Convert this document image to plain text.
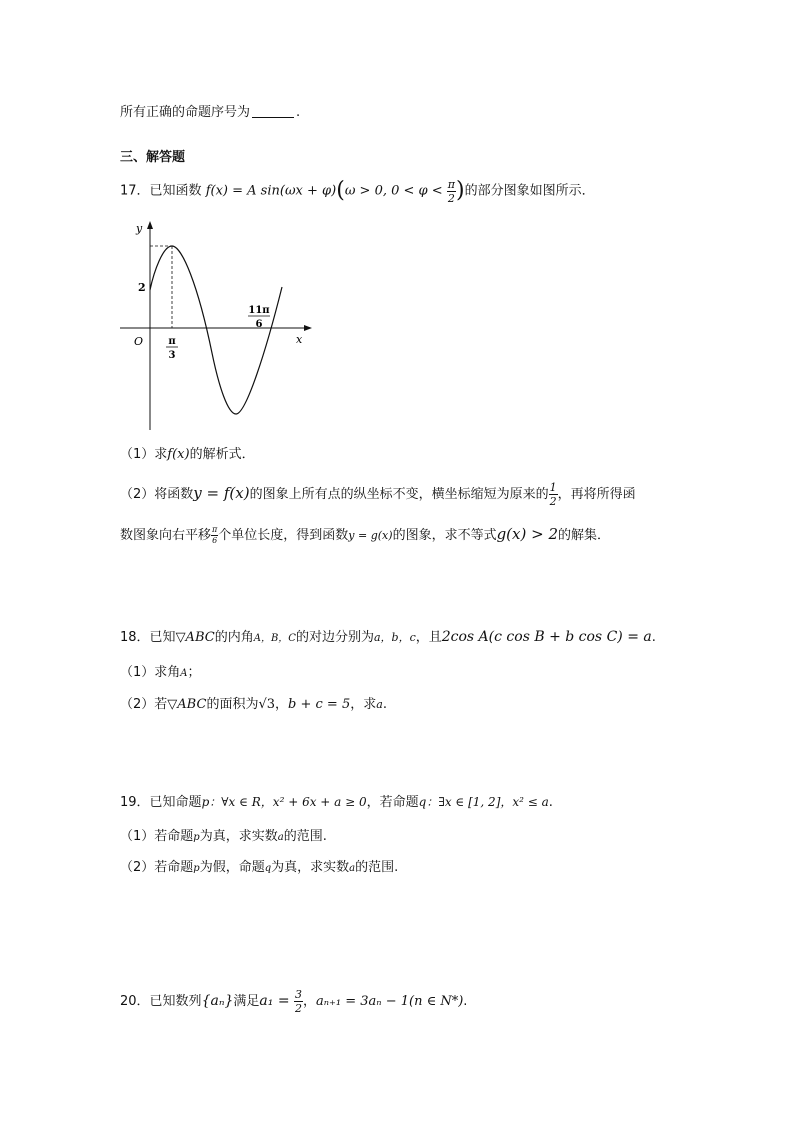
所有正确的命题序号为	.
三、解答题
17．已知函数 f(x) = A sin(ωx + φ)(ω > 0, $0 < \varphi < \frac{\pi}{2}$ )的部分图象如图所示．
y
x
O
2
π
3
11π
6
（1）求f(x)的解析式．
（2）将函数y = f(x)的图象上所有点的纵坐标不变，横坐标缩短为原来的 $\frac{1}{2}$ ，再将所得函
数图象向右平移 $\frac{\pi}{6}$ 个单位长度，得到函数y = g(x)的图象，求不等式g(x) > 2的解集．
18．已知▽ABC的内角A，B，C的对边分别为a，b，c，且2cos A(c cos B + b cos C) = a.
（1）求角A；
（2）若▽ABC的面积为√3，b + c = 5，求a.
19．已知命题p：∀x ∈ R，x² + 6x + a ≥ 0，若命题q：∃x ∈ [1, 2]，x² ≤ a.
（1）若命题p为真，求实数a的范围.
（2）若命题p为假，命题q为真，求实数a的范围.
20．已知数列{aₙ}满足$a_1 = \frac{3}{2}$ ，aₙ₊₁ = 3aₙ − 1(n ∈ N*).
